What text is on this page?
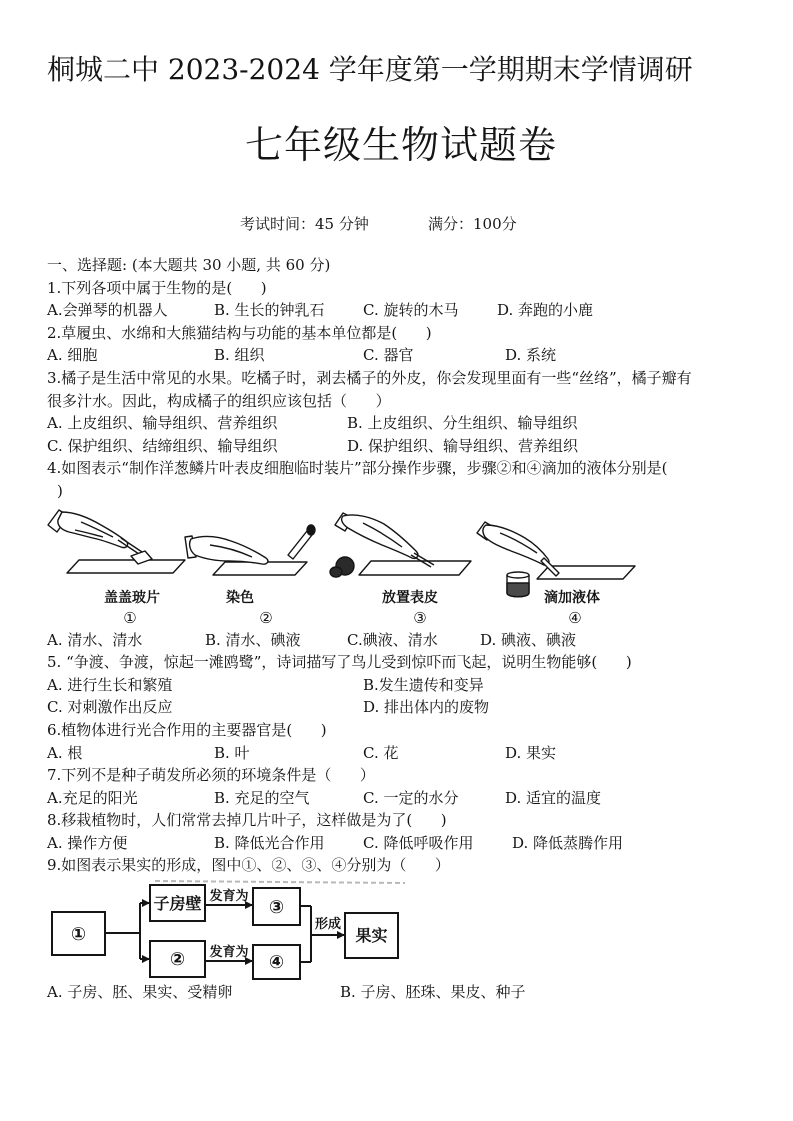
桐城二中 2023-2024 学年度第一学期期末学情调研
七年级生物试题卷
考试时间：45 分钟	满分：100分
一、选择题: (本大题共 30 小题, 共 60 分)
1.下列各项中属于生物的是(      )
A.会弹琴的机器人	B. 生长的钟乳石	C. 旋转的木马	D. 奔跑的小鹿
2.草履虫、水绵和大熊猫结构与功能的基本单位都是(      )
A. 细胞	B. 组织	C. 器官	D. 系统
3.橘子是生活中常见的水果。吃橘子时，剥去橘子的外皮，你会发现里面有一些“丝络”，橘子瓣有
很多汁水。因此，构成橘子的组织应该包括（      ）
A. 上皮组织、输导组织、营养组织	B. 上皮组织、分生组织、输导组织
C. 保护组织、结缔组织、输导组织	D. 保护组织、输导组织、营养组织
4.如图表示“制作洋葱鳞片叶表皮细胞临时装片”部分操作步骤，步骤②和④滴加的液体分别是(
)
盖盖玻片
①
染色
②
放置表皮
③
滴加液体
④
A. 清水、清水	B. 清水、碘液	C.碘液、清水	D. 碘液、碘液
5. “争渡、争渡，惊起一滩鸥鹭”，诗词描写了鸟儿受到惊吓而飞起，说明生物能够(      )
A. 进行生长和繁殖	B.发生遗传和变异
C. 对刺激作出反应	D. 排出体内的废物
6.植物体进行光合作用的主要器官是(      )
A. 根	B. 叶	C. 花	D. 果实
7.下列不是种子萌发所必须的环境条件是（      ）
A.充足的阳光	B. 充足的空气	C. 一定的水分	D. 适宜的温度
8.移栽植物时，人们常常去掉几片叶子，这样做是为了(      )
A. 操作方便	B. 降低光合作用	C. 降低呼吸作用	D. 降低蒸腾作用
9.如图表示果实的形成，图中①、②、③、④分别为（      ）
①
子房壁 发育为
③
② 发育为 ④
形成
果实
A. 子房、胚、果实、受精卵	B. 子房、胚珠、果皮、种子
